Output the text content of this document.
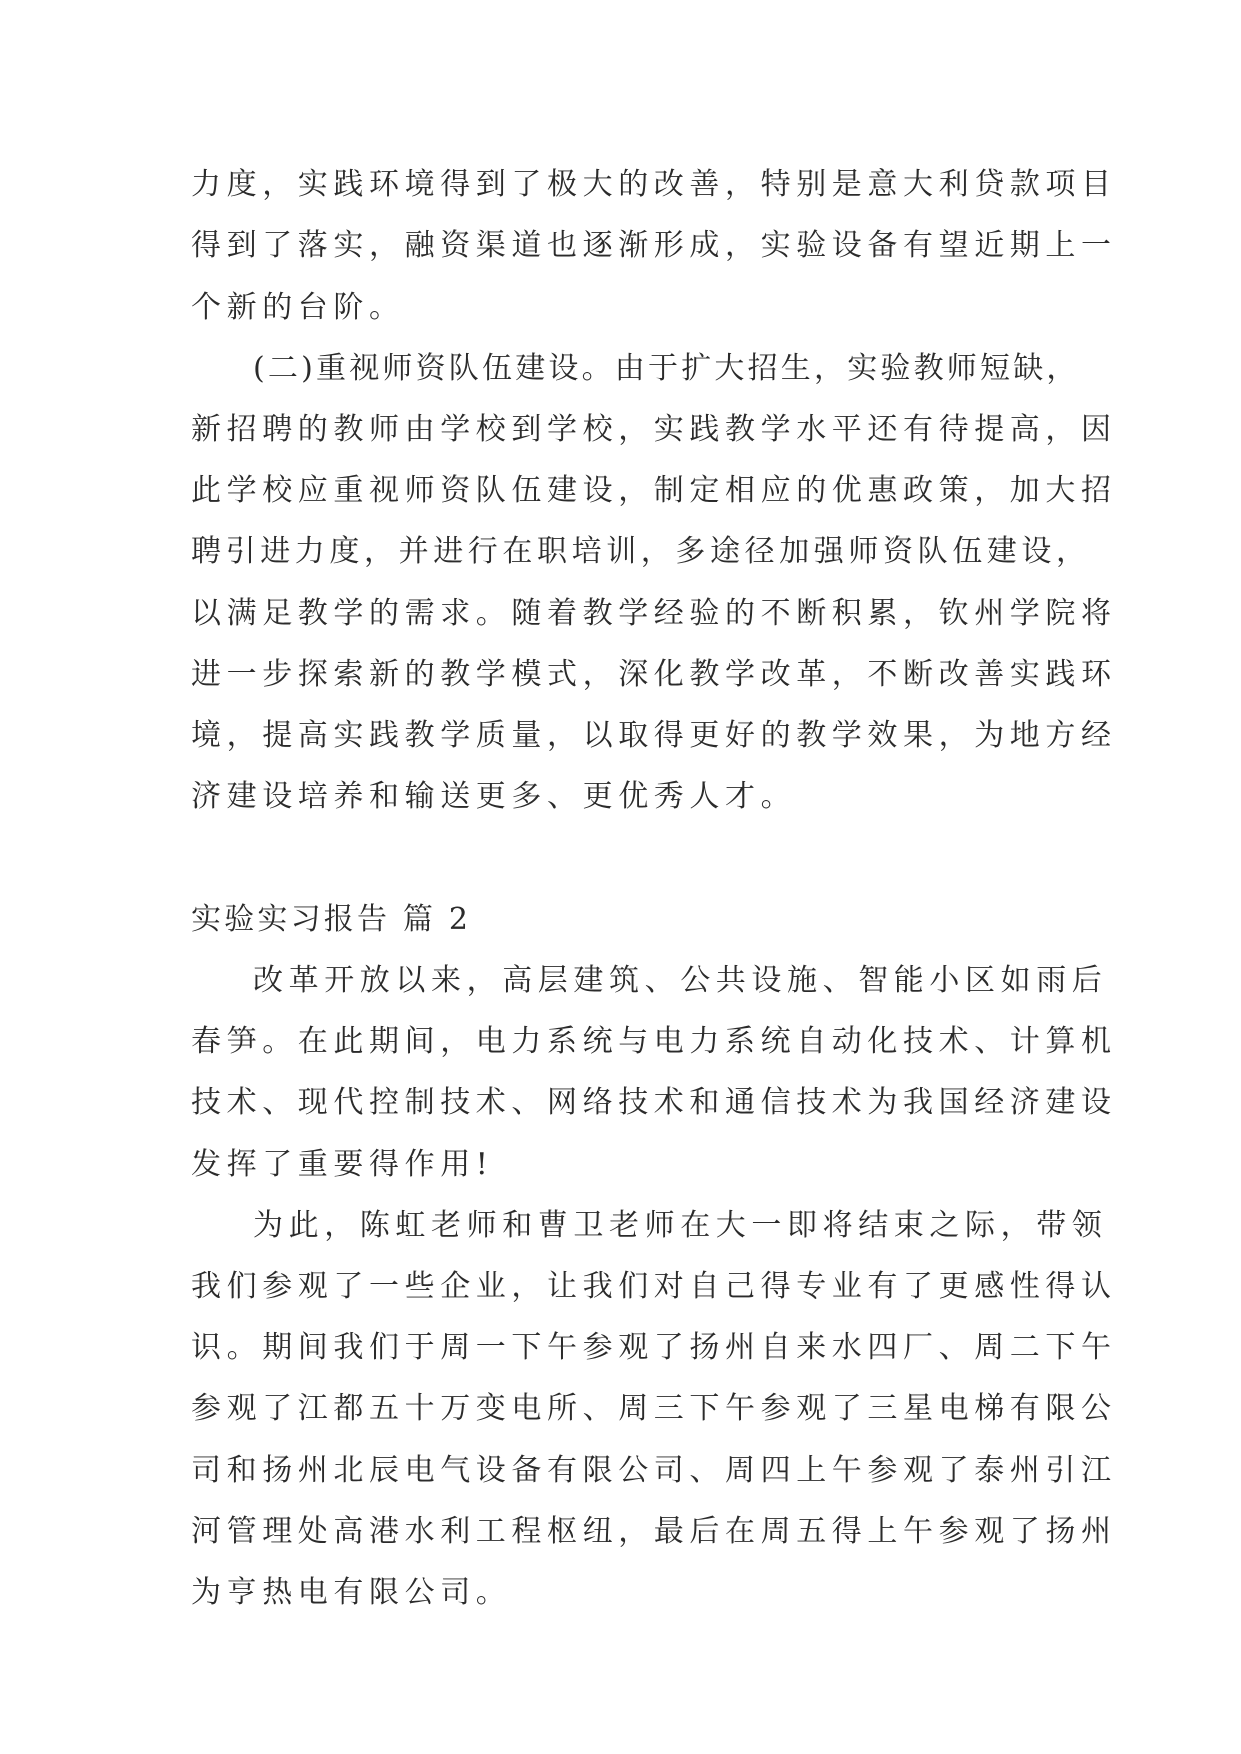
力度，实践环境得到了极大的改善，特别是意大利贷款项目
得到了落实，融资渠道也逐渐形成，实验设备有望近期上一
个新的台阶。
(二)重视师资队伍建设。由于扩大招生，实验教师短缺，
新招聘的教师由学校到学校，实践教学水平还有待提高，因
此学校应重视师资队伍建设，制定相应的优惠政策，加大招
聘引进力度，并进行在职培训，多途径加强师资队伍建设，
以满足教学的需求。随着教学经验的不断积累，钦州学院将
进一步探索新的教学模式，深化教学改革，不断改善实践环
境，提高实践教学质量，以取得更好的教学效果，为地方经
济建设培养和输送更多、更优秀人才。
实验实习报告 篇 2
改革开放以来，高层建筑、公共设施、智能小区如雨后
春笋。在此期间，电力系统与电力系统自动化技术、计算机
技术、现代控制技术、网络技术和通信技术为我国经济建设
发挥了重要得作用!
为此，陈虹老师和曹卫老师在大一即将结束之际，带领
我们参观了一些企业，让我们对自己得专业有了更感性得认
识。期间我们于周一下午参观了扬州自来水四厂、周二下午
参观了江都五十万变电所、周三下午参观了三星电梯有限公
司和扬州北辰电气设备有限公司、周四上午参观了泰州引江
河管理处高港水利工程枢纽，最后在周五得上午参观了扬州
为亨热电有限公司。
